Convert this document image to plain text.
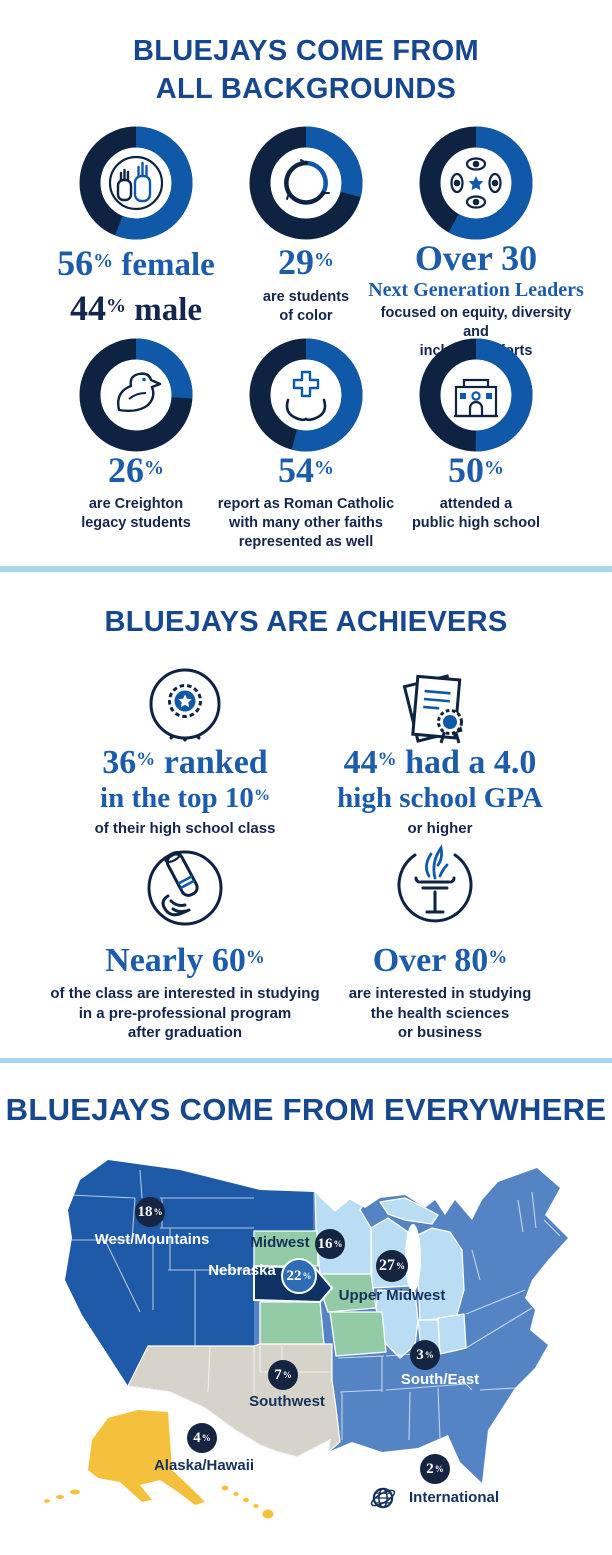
BLUEJAYS COME FROM
ALL BACKGROUNDS
56% female
44% male
29%
are students
of color
Over 30
Next Generation Leaders
focused on equity, diversity and
inclusion efforts
26%
are Creighton
legacy students
54%
report as Roman Catholic
with many other faiths
represented as well
50%
attended a
public high school
BLUEJAYS ARE ACHIEVERS
36% ranked
in the top 10%
of their high school class
44% had a 4.0
high school GPA
or higher
Nearly 60%
of the class are interested in studying
in a pre-professional program
after graduation
Over 80%
are interested in studying
the health sciences
or business
BLUEJAYS COME FROM EVERYWHERE
18 %
16 %
22 %
27 %
7 %
3 %
4 %
2 %
West/Mountains	Midwest
Nebraska
Upper Midwest
Southwest
South/East
Alaska/Hawaii
International
